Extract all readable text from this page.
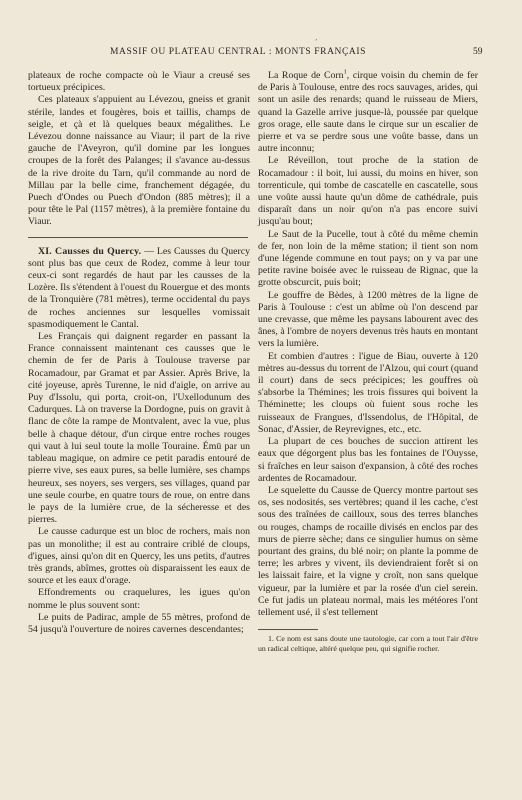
ʻ
MASSIF OU PLATEAU CENTRAL : MONTS FRANÇAIS	59

plateaux de roche compacte où le Viaur a creusé ses tortueux précipices.

Ces plateaux s'appuient au Lévezou, gneiss et granit stérile, landes et fougères, bois et taillis, champs de seigle, et çà et là quelques beaux mégalithes. Le Lévezou donne naissance au Viaur; il part de la rive gauche de l'Aveyron, qu'il domine par les longues croupes de la forêt des Palanges; il s'avance au-dessus de la rive droite du Tarn, qu'il commande au nord de Millau par la belle cime, franchement dégagée, du Puech d'Ondes ou Puech d'Ondon (885 mètres); il a pour tête le Pal (1157 mètres), à la première fontaine du Viaur.

XI. Causses du Quercy. — Les Causses du Quercy sont plus bas que ceux de Rodez, comme à leur tour ceux-ci sont regardés de haut par les causses de la Lozère. Ils s'étendent à l'ouest du Rouergue et des monts de la Tronquière (781 mètres), terme occidental du pays de roches anciennes sur lesquelles vomissait spasmodiquement le Cantal.

Les Français qui daignent regarder en passant la France connaissent maintenant ces causses que le chemin de fer de Paris à Toulouse traverse par Rocamadour, par Gramat et par Assier. Après Brive, la cité joyeuse, après Turenne, le nid d'aigle, on arrive au Puy d'Issolu, qui porta, croit-on, l'Uxellodunum des Cadurques. Là on traverse la Dordogne, puis on gravit à flanc de côte la rampe de Montvalent, avec la vue, plus belle à chaque détour, d'un cirque entre roches rouges qui vaut à lui seul toute la molle Touraine. Émū par un tableau magique, on admire ce petit paradis entouré de pierre vive, ses eaux pures, sa belle lumière, ses champs heureux, ses noyers, ses vergers, ses villages, quand par une seule courbe, en quatre tours de roue, on entre dans le pays de la lumière crue, de la sécheresse et des pierres.

Le causse cadurque est un bloc de rochers, mais non pas un monolithe; il est au contraire criblé de cloups, d'igues, ainsi qu'on dit en Quercy, les uns petits, d'autres très grands, abîmes, grottes où disparaissent les eaux de source et les eaux d'orage.

Effondrements ou craquelures, les igues qu'on nomme le plus souvent sont:

Le puits de Padirac, ample de 55 mètres, profond de 54 jusqu'à l'ouverture de noires cavernes descendantes;

La Roque de Corn$^1$, cirque voisin du chemin de fer de Paris à Toulouse, entre des rocs sauvages, arides, qui sont un asile des renards; quand le ruisseau de Miers, quand la Gazelle arrive jusque-là, poussée par quelque gros orage, elle saute dans le cirque sur un escalier de pierre et va se perdre sous une voûte basse, dans un autre inconnu;

Le Réveillon, tout proche de la station de Rocamadour : il boit, lui aussi, du moins en hiver, son torrenticule, qui tombe de cascatelle en cascatelle, sous une voûte aussi haute qu'un dôme de cathédrale, puis disparaît dans un noir qu'on n'a pas encore suivi jusqu'au bout;

Le Saut de la Pucelle, tout à côté du même chemin de fer, non loin de la même station; il tient son nom d'une légende commune en tout pays; on y va par une petite ravine boisée avec le ruisseau de Rignac, que la grotte obscurcit, puis boit;

Le gouffre de Bèdes, à 1200 mètres de la ligne de Paris à Toulouse : c'est un abîme où l'on descend par une crevasse, que même les paysans labourent avec des ânes, à l'ombre de noyers devenus très hauts en montant vers la lumière.

Et combien d'autres : l'igue de Biau, ouverte à 120 mètres au-dessus du torrent de l'Alzou, qui court (quand il court) dans de secs précipices; les gouffres où s'absorbe la Thémines; les trois fissures qui boivent la Théminette; les cloups où fuient sous roche les ruisseaux de Frangues, d'Issendolus, de l'Hôpital, de Sonac, d'Assier, de Reyrevignes, etc., etc.

La plupart de ces bouches de succion attirent les eaux que dégorgent plus bas les fontaines de l'Ouysse, si fraîches en leur saison d'expansion, à côté des roches ardentes de Rocamadour.

Le squelette du Causse de Quercy montre partout ses os, ses nodosités, ses vertèbres; quand il les cache, c'est sous des traînées de cailloux, sous des terres blanches ou rouges, champs de rocaille divisés en enclos par des murs de pierre sèche; dans ce singulier humus on sème pourtant des grains, du blé noir; on plante la pomme de terre; les arbres y vivent, ils deviendraient forêt si on les laissait faire, et la vigne y croît, non sans quelque vigueur, par la lumière et par la rosée d'un ciel serein. Ce fut jadis un plateau normal, mais les météores l'ont tellement usé, il s'est tellement

1. Ce nom est sans doute une tautologie, car corn a tout l'air d'être un radical celtique, altéré quelque peu, qui signifie rocher.
